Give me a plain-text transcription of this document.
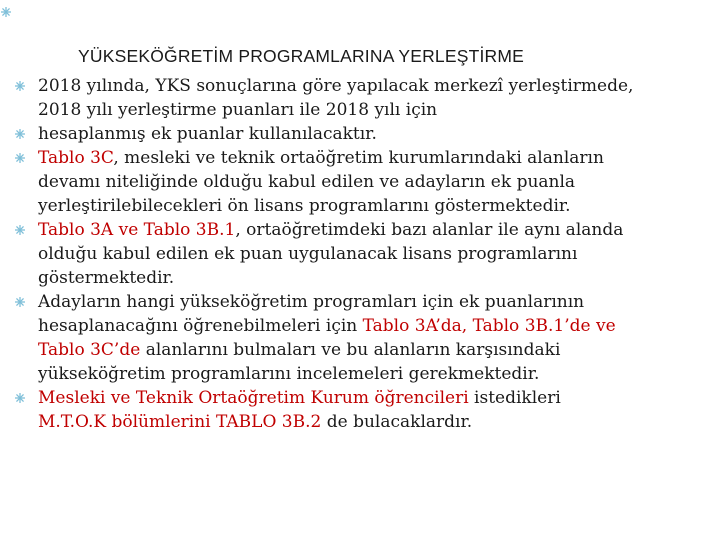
YÜKSEKÖĞRETİM PROGRAMLARINA YERLEŞTİRME
2018 yılında, YKS sonuçlarına göre yapılacak merkezî yerleştirmede,
2018 yılı yerleştirme puanları ile 2018 yılı için
hesaplanmış ek puanlar kullanılacaktır.
Tablo 3C, mesleki ve teknik ortaöğretim kurumlarındaki alanların
devamı niteliğinde olduğu kabul edilen ve adayların ek puanla
yerleştirilebilecekleri ön lisans programlarını göstermektedir.
Tablo 3A ve Tablo 3B.1, ortaöğretimdeki bazı alanlar ile aynı alanda
olduğu kabul edilen ek puan uygulanacak lisans programlarını
göstermektedir.
Adayların hangi yükseköğretim programları için ek puanlarının
hesaplanacağını öğrenebilmeleri için Tablo 3A’da, Tablo 3B.1’de ve
Tablo 3C’de alanlarını bulmaları ve bu alanların karşısındaki
yükseköğretim programlarını incelemeleri gerekmektedir.
Mesleki ve Teknik Ortaöğretim Kurum öğrencileri istedikleri
M.T.O.K bölümlerini TABLO 3B.2 de bulacaklardır.
